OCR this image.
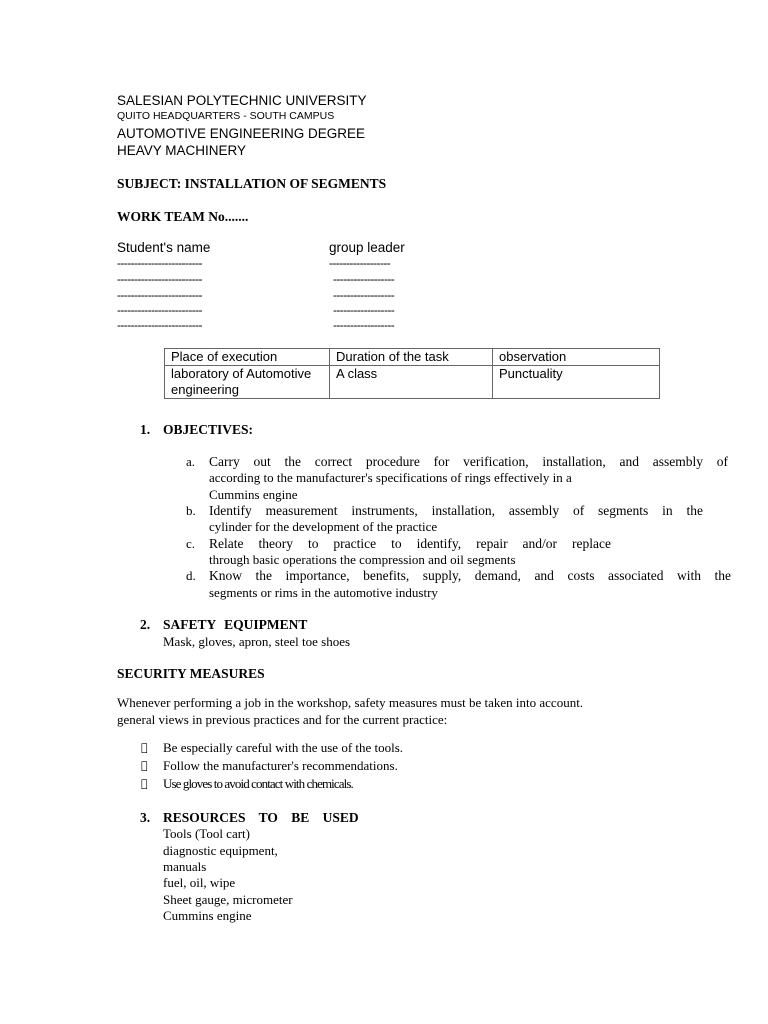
SALESIAN POLYTECHNIC UNIVERSITY
QUITO HEADQUARTERS - SOUTH CAMPUS
AUTOMOTIVE ENGINEERING DEGREE
HEAVY MACHINERY
SUBJECT: INSTALLATION OF SEGMENTS
WORK TEAM No.......
Student's name	group leader
-------------------------	------------------
-------------------------	------------------
-------------------------	------------------
-------------------------	------------------
-------------------------	------------------
Place of execution	Duration of the task	observation
laboratory of Automotive engineering	A class	Punctuality
1. OBJECTIVES:
a. Carry out the correct procedure for verification, installation, and assembly of
according to the manufacturer's specifications of rings effectively in a
Cummins engine
b. Identify measurement instruments, installation, assembly of segments in the
cylinder for the development of the practice
c. Relate theory to practice to identify, repair and/or replace
through basic operations the compression and oil segments
d. Know the importance, benefits, supply, demand, and costs associated with the
segments or rims in the automotive industry
2. SAFETY EQUIPMENT
Mask, gloves, apron, steel toe shoes
SECURITY MEASURES
Whenever performing a job in the workshop, safety measures must be taken into account.
general views in previous practices and for the current practice:
Be especially careful with the use of the tools.
Follow the manufacturer's recommendations.
Use gloves to avoid contact with chemicals.
3. RESOURCES TO BE USED
Tools (Tool cart)
diagnostic equipment,
manuals
fuel, oil, wipe
Sheet gauge, micrometer
Cummins engine
